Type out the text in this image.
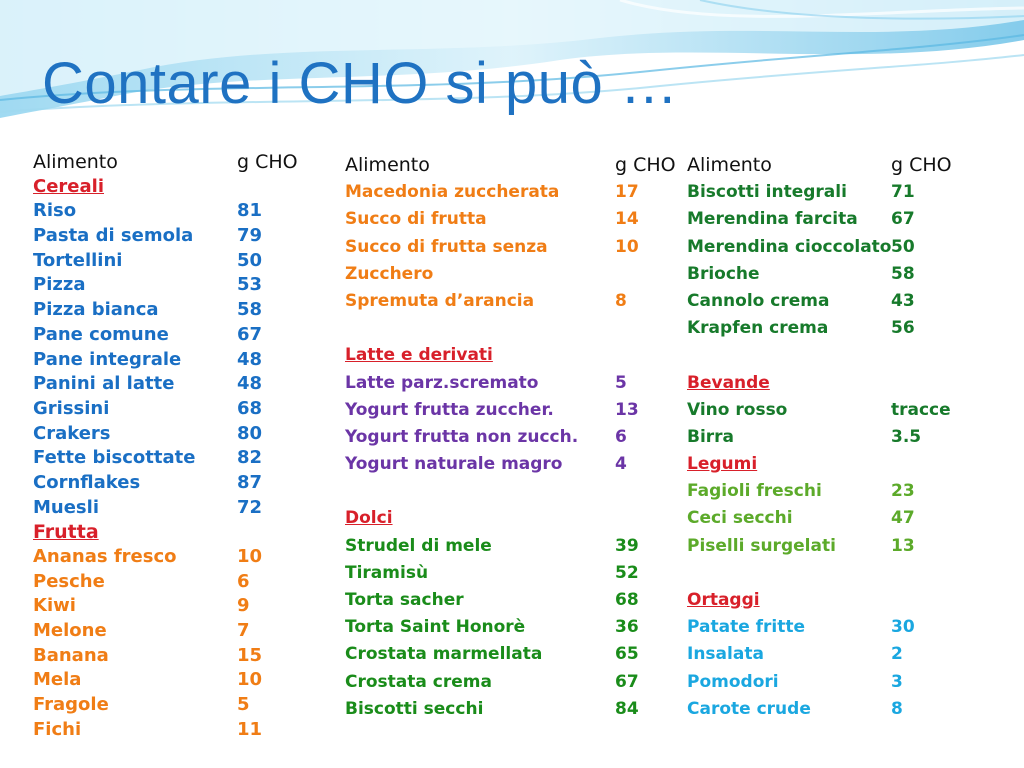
Contare i CHO si può …
Alimento	g CHO
Cereali
Riso	81
Pasta di semola 79
Tortellini	50
Pizza	53
Pizza bianca	58
Pane comune	67
Pane integrale	48
Panini al latte	48
Grissini	68
Crakers	80
Fette biscottate 82
Cornflakes	87
Muesli	72
Frutta
Ananas fresco	10
Pesche	6
Kiwi	9
Melone	7
Banana	15
Mela	10
Fragole	5
Fichi	11
Alimento	g CHO
Macedonia zuccherata	17
Succo di frutta	14
Succo di frutta senza	10
Zucchero
Spremuta d’arancia	8
Latte e derivati
Latte parz.scremato	5
Yogurt frutta zuccher.	13
Yogurt frutta non zucch. 6
Yogurt naturale magro	4
Dolci
Strudel di mele	39
Tiramisù	52
Torta sacher	68
Torta Saint Honorè	36
Crostata marmellata	65
Crostata crema	67
Biscotti secchi	84
Alimento	g CHO
Biscotti integrali	71
Merendina farcita 67
Merendina cioccolato 50
Brioche	58
Cannolo crema	43
Krapfen crema	56
Bevande
Vino rosso	tracce
Birra	3.5
Legumi
Fagioli freschi	23
Ceci secchi	47
Piselli surgelati	13
Ortaggi
Patate fritte	30
Insalata	2
Pomodori	3
Carote crude	8
